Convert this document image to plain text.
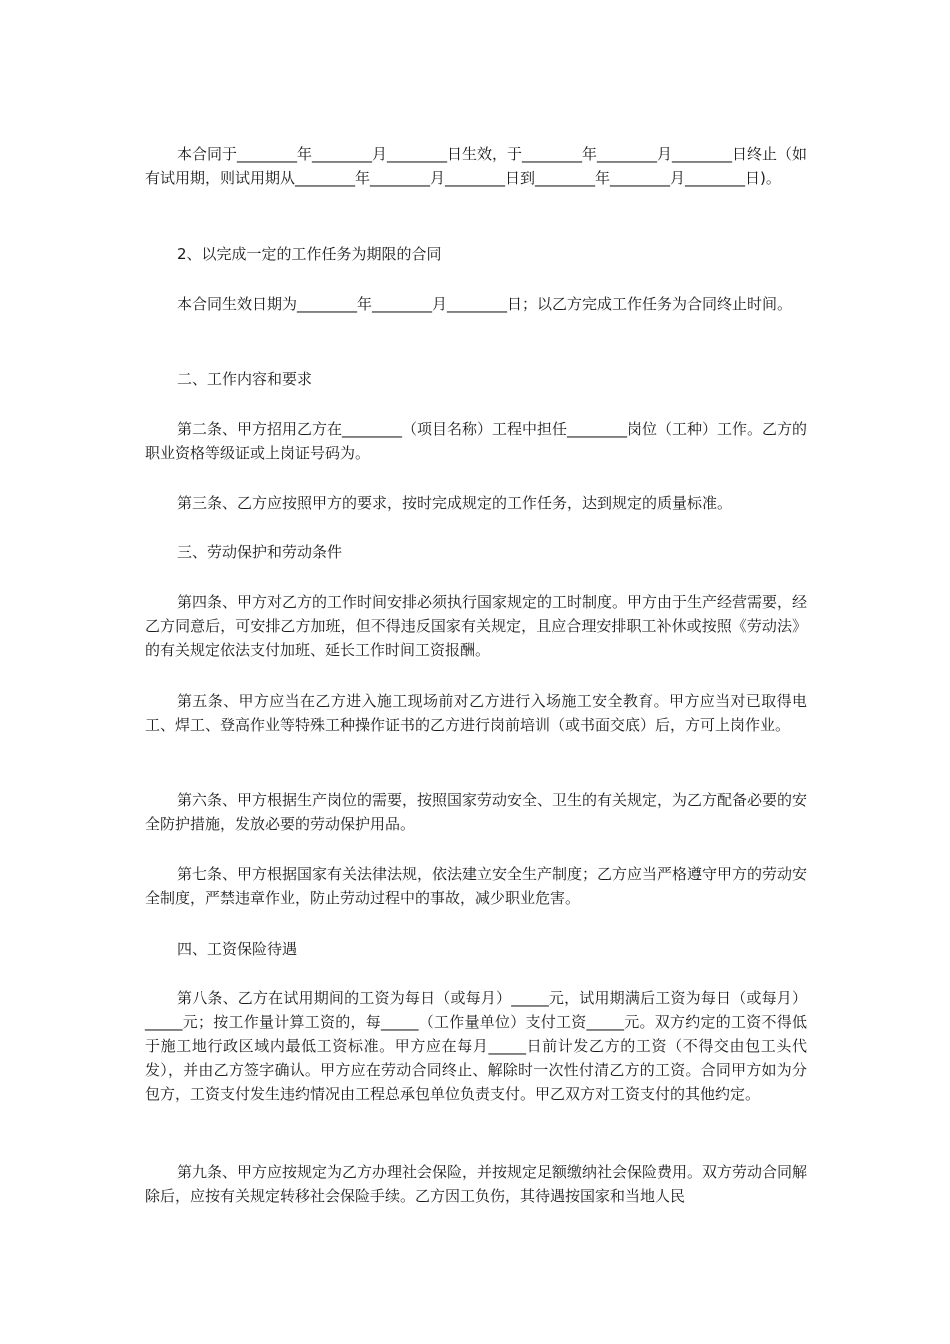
本合同于________年________月________日生效，于________年________月________日终止（如有试用期，则试用期从________年________月________日到________年________月________日)。

2、以完成一定的工作任务为期限的合同

本合同生效日期为________年________月________日；以乙方完成工作任务为合同终止时间。

二、工作内容和要求

第二条、甲方招用乙方在________（项目名称）工程中担任________岗位（工种）工作。乙方的职业资格等级证或上岗证号码为。

第三条、乙方应按照甲方的要求，按时完成规定的工作任务，达到规定的质量标准。

三、劳动保护和劳动条件

第四条、甲方对乙方的工作时间安排必须执行国家规定的工时制度。甲方由于生产经营需要，经乙方同意后，可安排乙方加班，但不得违反国家有关规定，且应合理安排职工补休或按照《劳动法》的有关规定依法支付加班、延长工作时间工资报酬。

第五条、甲方应当在乙方进入施工现场前对乙方进行入场施工安全教育。甲方应当对已取得电工、焊工、登高作业等特殊工种操作证书的乙方进行岗前培训（或书面交底）后，方可上岗作业。

第六条、甲方根据生产岗位的需要，按照国家劳动安全、卫生的有关规定，为乙方配备必要的安全防护措施，发放必要的劳动保护用品。

第七条、甲方根据国家有关法律法规，依法建立安全生产制度；乙方应当严格遵守甲方的劳动安全制度，严禁违章作业，防止劳动过程中的事故，减少职业危害。

四、工资保险待遇

第八条、乙方在试用期间的工资为每日（或每月）_____元，试用期满后工资为每日（或每月）_____元；按工作量计算工资的，每_____（工作量单位）支付工资_____元。双方约定的工资不得低于施工地行政区域内最低工资标准。甲方应在每月_____日前计发乙方的工资（不得交由包工头代发），并由乙方签字确认。甲方应在劳动合同终止、解除时一次性付清乙方的工资。合同甲方如为分包方，工资支付发生违约情况由工程总承包单位负责支付。甲乙双方对工资支付的其他约定。

第九条、甲方应按规定为乙方办理社会保险，并按规定足额缴纳社会保险费用。双方劳动合同解除后，应按有关规定转移社会保险手续。乙方因工负伤，其待遇按国家和当地人民
